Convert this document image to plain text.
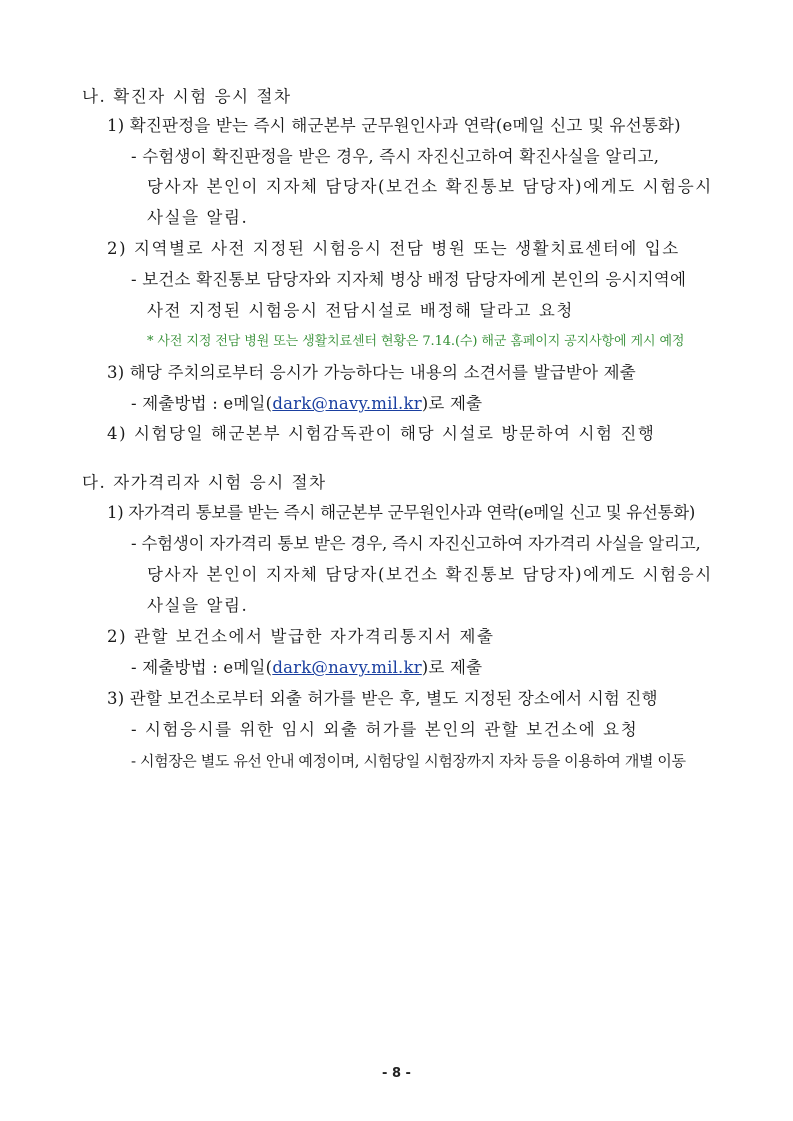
나. 확진자 시험 응시 절차
1) 확진판정을 받는 즉시 해군본부 군무원인사과 연락(e메일 신고 및 유선통화)
- 수험생이 확진판정을 받은 경우, 즉시 자진신고하여 확진사실을 알리고,
당사자 본인이 지자체 담당자(보건소 확진통보 담당자)에게도 시험응시
사실을 알림.
2) 지역별로 사전 지정된 시험응시 전담 병원 또는 생활치료센터에 입소
- 보건소 확진통보 담당자와 지자체 병상 배정 담당자에게 본인의 응시지역에
사전 지정된 시험응시 전담시설로 배정해 달라고 요청
* 사전 지정 전담 병원 또는 생활치료센터 현황은 7.14.(수) 해군 홈페이지 공지사항에 게시 예정
3) 해당 주치의로부터 응시가 가능하다는 내용의 소견서를 발급받아 제출
- 제출방법 : e메일(dark@navy.mil.kr)로 제출
4) 시험당일 해군본부 시험감독관이 해당 시설로 방문하여 시험 진행
다. 자가격리자 시험 응시 절차
1) 자가격리 통보를 받는 즉시 해군본부 군무원인사과 연락(e메일 신고 및 유선통화)
- 수험생이 자가격리 통보 받은 경우, 즉시 자진신고하여 자가격리 사실을 알리고,
당사자 본인이 지자체 담당자(보건소 확진통보 담당자)에게도 시험응시
사실을 알림.
2) 관할 보건소에서 발급한 자가격리통지서 제출
- 제출방법 : e메일(dark@navy.mil.kr)로 제출
3) 관할 보건소로부터 외출 허가를 받은 후, 별도 지정된 장소에서 시험 진행
- 시험응시를 위한 임시 외출 허가를 본인의 관할 보건소에 요청
- 시험장은 별도 유선 안내 예정이며, 시험당일 시험장까지 자차 등을 이용하여 개별 이동
- 8 -
